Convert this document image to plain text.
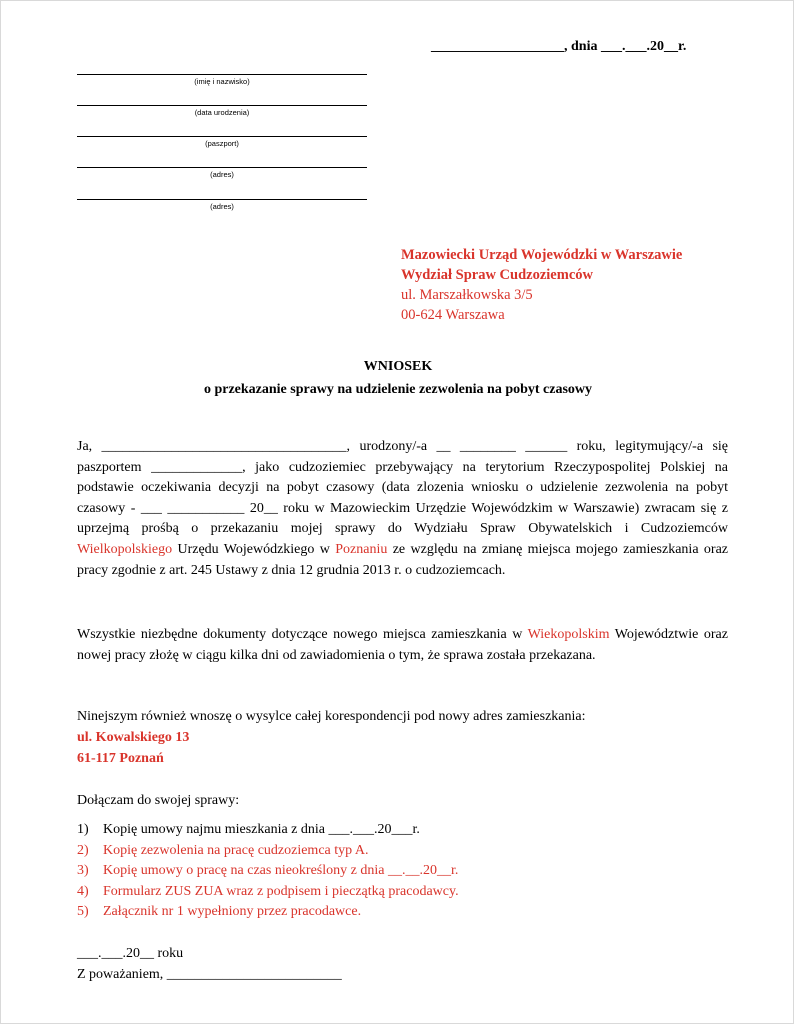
___________________, dnia ___.___.20__r.
(imię i nazwisko)
(data urodzenia)
(paszport)
(adres)
(adres)
Mazowiecki Urząd Wojewódzki w Warszawie
Wydział Spraw Cudzoziemców
ul. Marszałkowska 3/5
00-624 Warszawa
WNIOSEK
o przekazanie sprawy na udzielenie zezwolenia na pobyt czasowy
Ja, ___________________________________, urodzony/-a __ ________ ______ roku, legitymujący/-a się paszportem _____________, jako cudzoziemiec przebywający na terytorium Rzeczypospolitej Polskiej na podstawie oczekiwania decyzji na pobyt czasowy (data zlozenia wniosku o udzielenie zezwolenia na pobyt czasowy - ___ ___________ 20__ roku w Mazowieckim Urzędzie Wojewódzkim w Warszawie) zwracam się z uprzejmą prośbą o przekazaniu mojej sprawy do Wydziału Spraw Obywatelskich i Cudzoziemców Wielkopolskiego Urzędu Wojewódzkiego w Poznaniu ze względu na zmianę miejsca mojego zamieszkania oraz pracy zgodnie z art. 245 Ustawy z dnia 12 grudnia 2013 r. o cudzoziemcach.
Wszystkie niezbędne dokumenty dotyczące nowego miejsca zamieszkania w Wiekopolskim Województwie oraz nowej pracy złożę w ciągu kilka dni od zawiadomienia o tym, że sprawa została przekazana.
Ninejszym również wnoszę o wysylce całej korespondencji pod nowy adres zamieszkania:
ul. Kowalskiego 13
61-117 Poznań
Dołączam do swojej sprawy:
1) Kopię umowy najmu mieszkania z dnia ___.___.20___r.
2) Kopię zezwolenia na pracę cudzoziemca typ A.
3) Kopię umowy o pracę na czas nieokreślony z dnia __.__.20__r.
4) Formularz ZUS ZUA wraz z podpisem i pieczątką pracodawcy.
5) Załącznik nr 1 wypełniony przez pracodawce.
___.___.20__ roku
Z poważaniem, _________________________
